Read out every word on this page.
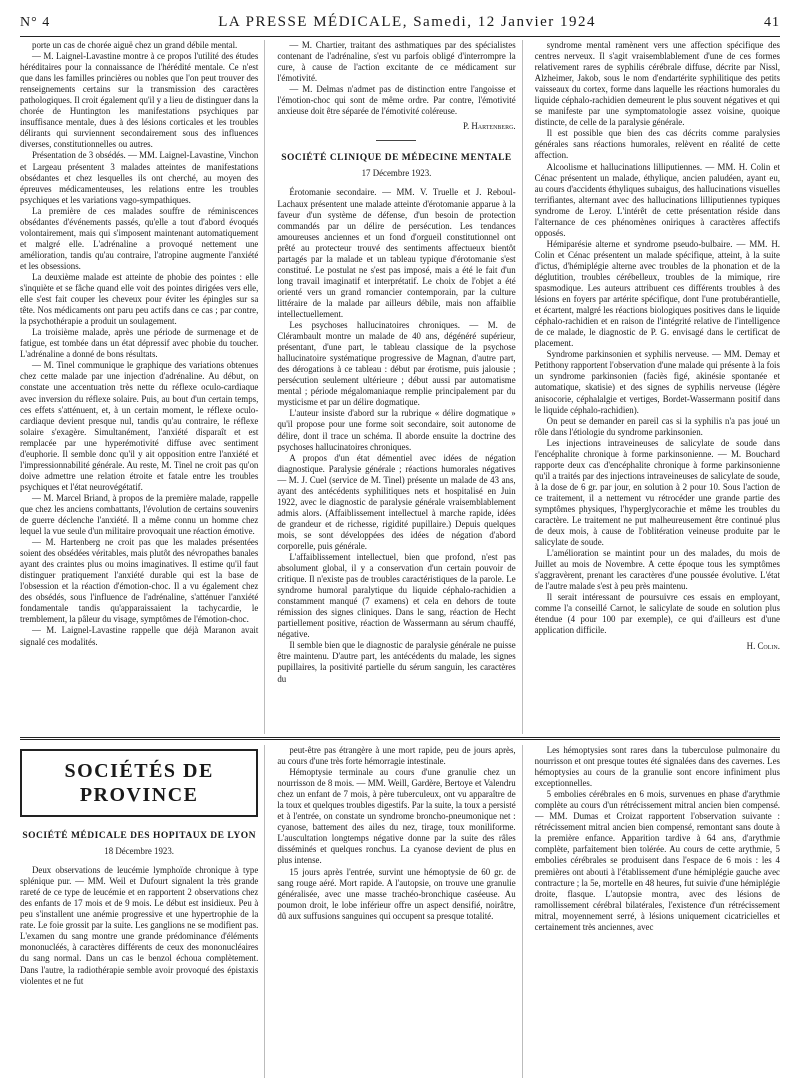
N° 4	LA PRESSE MÉDICALE, Samedi, 12 Janvier 1924	41

porte un cas de chorée aiguë chez un grand débile mental.

— M. Laignel-Lavastine montre à ce propos l'utilité des études héréditaires pour la connaissance de l'hérédité mentale. Ce n'est que dans les familles princières ou nobles que l'on peut trouver des renseignements certains sur la transmission des caractères pathologiques. Il croit également qu'il y a lieu de distinguer dans la chorée de Huntington les manifestations psychiques par insuffisance mentale, dues à des lésions corticales et les troubles délirants qui surviennent secondairement sous des influences diverses, constitutionnelles ou autres.

Présentation de 3 obsédés. — MM. Laignel-Lavastine, Vinchon et Largeau présentent 3 malades atteintes de manifestations obsédantes et chez lesquelles ils ont cherché, au moyen des épreuves médicamenteuses, les relations entre les troubles psychiques et les variations vago-sympathiques.

La première de ces malades souffre de réminiscences obsédantes d'événements passés, qu'elle a tout d'abord évoqués volontairement, mais qui s'imposent maintenant automatiquement et malgré elle. L'adrénaline a provoqué nettement une amélioration, tandis qu'au contraire, l'atropine augmente l'anxiété et les obsessions.

La deuxième malade est atteinte de phobie des pointes : elle s'inquiète et se fâche quand elle voit des pointes dirigées vers elle, elle s'est fait couper les cheveux pour éviter les épingles sur sa tête. Nos médicaments ont paru peu actifs dans ce cas ; par contre, la psychothérapie a produit un soulagement.

La troisième malade, après une période de surmenage et de fatigue, est tombée dans un état dépressif avec phobie du toucher. L'adrénaline a donné de bons résultats.

— M. Tinel communique le graphique des variations obtenues chez cette malade par une injection d'adrénaline. Au début, on constate une accentuation très nette du réflexe oculo-cardiaque avec inversion du réflexe solaire. Puis, au bout d'un certain temps, ces effets s'atténuent, et, à un certain moment, le réflexe oculo-cardiaque devient presque nul, tandis qu'au contraire, le réflexe solaire s'exagère. Simultanément, l'anxiété disparaît et est remplacée par une hyperémotivité diffuse avec sentiment d'euphorie. Il semble donc qu'il y ait opposition entre l'anxiété et l'impressionnabilité générale. Au reste, M. Tinel ne croit pas qu'on doive admettre une relation étroite et fatale entre les troubles psychiques et l'état neurovégétatif.

— M. Marcel Briand, à propos de la première malade, rappelle que chez les anciens combattants, l'évolution de certains souvenirs de guerre déclenche l'anxiété. Il a même connu un homme chez lequel la vue seule d'un militaire provoquait une réaction émotive.

— M. Hartenberg ne croit pas que les malades présentées soient des obsédées véritables, mais plutôt des névropathes banales ayant des craintes plus ou moins imaginatives. Il estime qu'il faut distinguer pratiquement l'anxiété durable qui est la base de l'obsession et la réaction d'émotion-choc. Il a vu également chez des obsédés, sous l'influence de l'adrénaline, s'atténuer l'anxiété fondamentale tandis qu'apparaissaient la tachycardie, le tremblement, la pâleur du visage, symptômes de l'émotion-choc.

— M. Laignel-Lavastine rappelle que déjà Maranon avait signalé ces modalités.

— M. Chartier, traitant des asthmatiques par des spécialistes contenant de l'adrénaline, s'est vu parfois obligé d'interrompre la cure, à cause de l'action excitante de ce médicament sur l'émotivité.

— M. Delmas n'admet pas de distinction entre l'angoisse et l'émotion-choc qui sont de même ordre. Par contre, l'émotivité anxieuse doit être séparée de l'émotivité coléreuse.

P. Hartenberg.

SOCIÉTÉ CLINIQUE DE MÉDECINE MENTALE
17 Décembre 1923.

Érotomanie secondaire. — MM. V. Truelle et J. Reboul-Lachaux présentent une malade atteinte d'érotomanie apparue à la faveur d'un système de défense, d'un besoin de protection commandés par un délire de persécution. Les tendances amoureuses anciennes et un fond d'orgueil constitutionnel ont prêté au protecteur trouvé des sentiments affectueux bientôt partagés par la malade et un tableau typique d'érotomanie s'est constitué. Le postulat ne s'est pas imposé, mais a été le fait d'un long travail imaginatif et interprétatif. Le choix de l'objet a été orienté vers un grand romancier contemporain, par la culture littéraire de la malade par ailleurs débile, mais non affaiblie intellectuellement.

Les psychoses hallucinatoires chroniques. — M. de Clérambault montre un malade de 40 ans, dégénéré supérieur, présentant, d'une part, le tableau classique de la psychose hallucinatoire systématique progressive de Magnan, d'autre part, des dérogations à ce tableau : début par érotisme, puis jalousie ; persécution seulement ultérieure ; début aussi par automatisme mental ; période mégalomaniaque remplie principalement par du mysticisme et par un délire dogmatique.

L'auteur insiste d'abord sur la rubrique « délire dogmatique » qu'il propose pour une forme soit secondaire, soit autonome de délire, dont il trace un schéma. Il aborde ensuite la doctrine des psychoses hallucinatoires chroniques.

A propos d'un état démentiel avec idées de négation diagnostique. Paralysie générale ; réactions humorales négatives — M. J. Cuel (service de M. Tinel) présente un malade de 43 ans, ayant des antécédents syphilitiques nets et hospitalisé en Juin 1922, avec le diagnostic de paralysie générale vraisemblablement admis alors. (Affaiblissement intellectuel à marche rapide, idées de grandeur et de richesse, rigidité pupillaire.) Depuis quelques mois, se sont développées des idées de négation d'abord corporelle, puis générale.

L'affaiblissement intellectuel, bien que profond, n'est pas absolument global, il y a conservation d'un certain pouvoir de critique. Il n'existe pas de troubles caractéristiques de la parole. Le syndrome humoral paralytique du liquide céphalo-rachidien a constamment manqué (7 examens) et cela en dehors de toute rémission des signes cliniques. Dans le sang, réaction de Hecht partiellement positive, réaction de Wassermann au sérum chauffé, négative.

Il semble bien que le diagnostic de paralysie générale ne puisse être maintenu. D'autre part, les antécédents du malade, les signes pupillaires, la positivité partielle du sérum sanguin, les caractères du

syndrome mental ramènent vers une affection spécifique des centres nerveux. Il s'agit vraisemblablement d'une de ces formes relativement rares de syphilis cérébrale diffuse, décrite par Nissl, Alzheimer, Jakob, sous le nom d'endartérite syphilitique des petits vaisseaux du cortex, forme dans laquelle les réactions humorales du liquide céphalo-rachidien demeurent le plus souvent négatives et qui se manifeste par une symptomatologie assez voisine, quoique distincte, de celle de la paralysie générale.

Il est possible que bien des cas décrits comme paralysies générales sans réactions humorales, relèvent en réalité de cette affection.

Alcoolisme et hallucinations lilliputiennes. — MM. H. Colin et Cénac présentent un malade, éthylique, ancien paludéen, ayant eu, au cours d'accidents éthyliques subaigus, des hallucinations visuelles terrifiantes, alternant avec des hallucinations lilliputiennes typiques syndrome de Leroy. L'intérêt de cette présentation réside dans l'alternance de ces phénomènes oniriques à caractères affectifs opposés.

Hémiparésie alterne et syndrome pseudo-bulbaire. — MM. H. Colin et Cénac présentent un malade spécifique, atteint, à la suite d'ictus, d'hémiplégie alterne avec troubles de la phonation et de la déglutition, troubles cérébelleux, troubles de la mimique, rire spasmodique. Les auteurs attribuent ces différents troubles à des lésions en foyers par artérite spécifique, dont l'une protubérantielle, et écartent, malgré les réactions biologiques positives dans le liquide céphalo-rachidien et en raison de l'intégrité relative de l'intelligence de ce malade, le diagnostic de P. G. envisagé dans le certificat de placement.

Syndrome parkinsonien et syphilis nerveuse. — MM. Demay et Petithony rapportent l'observation d'une malade qui présente à la fois un syndrome parkinsonien (faciès figé, akinésie spontanée et automatique, skatisie) et des signes de syphilis nerveuse (légère anisocorie, céphalalgie et vertiges, Bordet-Wassermann positif dans le liquide céphalo-rachidien).

On peut se demander en pareil cas si la syphilis n'a pas joué un rôle dans l'étiologie du syndrome parkinsonien.

Les injections intraveineuses de salicylate de soude dans l'encéphalite chronique à forme parkinsonienne. — M. Bouchard rapporte deux cas d'encéphalite chronique à forme parkinsonienne qu'il a traités par des injections intraveineuses de salicylate de soude, à la dose de 6 gr. par jour, en solution à 2 pour 10. Sous l'action de ce traitement, il a nettement vu rétrocéder une grande partie des symptômes physiques, l'hyperglycorachie et même les troubles du caractère. Le traitement ne put malheureusement être continué plus de deux mois, à cause de l'oblitération veineuse produite par le salicylate de soude.

L'amélioration se maintint pour un des malades, du mois de Juillet au mois de Novembre. A cette époque tous les symptômes s'aggravèrent, prenant les caractères d'une poussée évolutive. L'état de l'autre malade s'est à peu près maintenu.

Il serait intéressant de poursuivre ces essais en employant, comme l'a conseillé Carnot, le salicylate de soude en solution plus étendue (4 pour 100 par exemple), ce qui d'ailleurs est d'une application difficile.

H. Colin.

SOCIÉTÉS DE PROVINCE
SOCIÉTÉ MÉDICALE DES HOPITAUX DE LYON
18 Décembre 1923.

Deux observations de leucémie lymphoïde chronique à type splénique pur. — MM. Weil et Dufourt signalent la très grande rareté de ce type de leucémie et en rapportent 2 observations chez des enfants de 17 mois et de 9 mois. Le début est insidieux. Peu à peu s'installent une anémie progressive et une hypertrophie de la rate. Le foie grossit par la suite. Les ganglions ne se modifient pas. L'examen du sang montre une grande prédominance d'éléments mononucléés, à caractères différents de ceux des mononucléaires du sang normal. Dans un cas le benzol échoua complètement. Dans l'autre, la radiothérapie semble avoir provoqué des épistaxis violentes et ne fut

peut-être pas étrangère à une mort rapide, peu de jours après, au cours d'une très forte hémorragie intestinale.

Hémoptysie terminale au cours d'une granulie chez un nourrisson de 8 mois. — MM. Weill, Gardère, Bertoye et Valendru chez un enfant de 7 mois, à père tuberculeux, ont vu apparaître de la toux et quelques troubles digestifs. Par la suite, la toux a persisté et à l'entrée, on constate un syndrome broncho-pneumonique net : cyanose, battement des ailes du nez, tirage, toux moniliforme. L'auscultation longtemps négative donne par la suite des râles disséminés et quelques ronchus. La cyanose devient de plus en plus intense.

15 jours après l'entrée, survint une hémoptysie de 60 gr. de sang rouge aéré. Mort rapide. A l'autopsie, on trouve une granulie généralisée, avec une masse trachéo-bronchique caséeuse. Au poumon droit, le lobe inférieur offre un aspect densifié, noirâtre, dû aux suffusions sanguines qui occupent sa presque totalité.

Les hémoptysies sont rares dans la tuberculose pulmonaire du nourrisson et ont presque toutes été signalées dans des cavernes. Les hémoptysies au cours de la granulie sont encore infiniment plus exceptionnelles.

5 embolies cérébrales en 6 mois, survenues en phase d'arythmie complète au cours d'un rétrécissement mitral ancien bien compensé. — MM. Dumas et Croizat rapportent l'observation suivante : rétrécissement mitral ancien bien compensé, remontant sans doute à la première enfance. Apparition tardive à 64 ans, d'arythmie complète, parfaitement bien tolérée. Au cours de cette arythmie, 5 embolies cérébrales se produisent dans l'espace de 6 mois : les 4 premières ont abouti à l'établissement d'une hémiplégie gauche avec contracture ; la 5e, mortelle en 48 heures, fut suivie d'une hémiplégie droite, flasque. L'autopsie montra, avec des lésions de ramollissement cérébral bilatérales, l'existence d'un rétrécissement mitral, moyennement serré, à lésions uniquement cicatricielles et certainement très anciennes, avec
